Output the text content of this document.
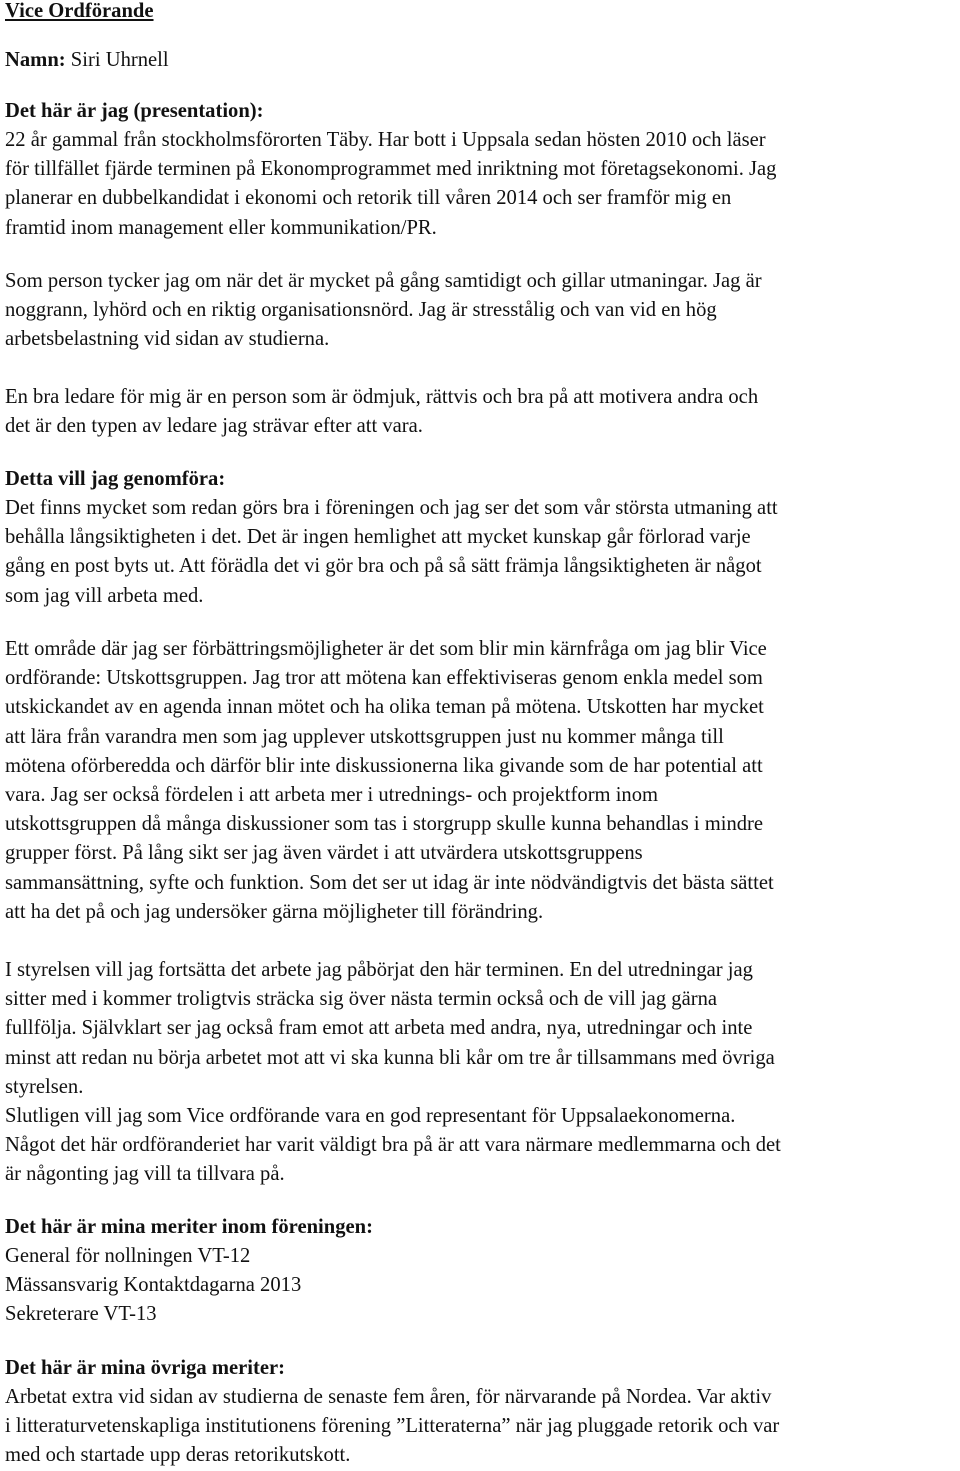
Vice Ordförande
Namn: Siri Uhrnell
Det här är jag (presentation):
22 år gammal från stockholmsförorten Täby. Har bott i Uppsala sedan hösten 2010 och läser
för tillfället fjärde terminen på Ekonomprogrammet med inriktning mot företagsekonomi. Jag
planerar en dubbelkandidat i ekonomi och retorik till våren 2014 och ser framför mig en
framtid inom management eller kommunikation/PR.
Som person tycker jag om när det är mycket på gång samtidigt och gillar utmaningar. Jag är
noggrann, lyhörd och en riktig organisationsnörd. Jag är stresstålig och van vid en hög
arbetsbelastning vid sidan av studierna.
En bra ledare för mig är en person som är ödmjuk, rättvis och bra på att motivera andra och
det är den typen av ledare jag strävar efter att vara.
Detta vill jag genomföra:
Det finns mycket som redan görs bra i föreningen och jag ser det som vår största utmaning att
behålla långsiktigheten i det. Det är ingen hemlighet att mycket kunskap går förlorad varje
gång en post byts ut. Att förädla det vi gör bra och på så sätt främja långsiktigheten är något
som jag vill arbeta med.
Ett område där jag ser förbättringsmöjligheter är det som blir min kärnfråga om jag blir Vice
ordförande: Utskottsgruppen. Jag tror att mötena kan effektiviseras genom enkla medel som
utskickandet av en agenda innan mötet och ha olika teman på mötena. Utskotten har mycket
att lära från varandra men som jag upplever utskottsgruppen just nu kommer många till
mötena oförberedda och därför blir inte diskussionerna lika givande som de har potential att
vara. Jag ser också fördelen i att arbeta mer i utrednings- och projektform inom
utskottsgruppen då många diskussioner som tas i storgrupp skulle kunna behandlas i mindre
grupper först. På lång sikt ser jag även värdet i att utvärdera utskottsgruppens
sammansättning, syfte och funktion. Som det ser ut idag är inte nödvändigtvis det bästa sättet
att ha det på och jag undersöker gärna möjligheter till förändring.
I styrelsen vill jag fortsätta det arbete jag påbörjat den här terminen. En del utredningar jag
sitter med i kommer troligtvis sträcka sig över nästa termin också och de vill jag gärna
fullfölja. Självklart ser jag också fram emot att arbeta med andra, nya, utredningar och inte
minst att redan nu börja arbetet mot att vi ska kunna bli kår om tre år tillsammans med övriga
styrelsen.
Slutligen vill jag som Vice ordförande vara en god representant för Uppsalaekonomerna.
Något det här ordföranderiet har varit väldigt bra på är att vara närmare medlemmarna och det
är någonting jag vill ta tillvara på.
Det här är mina meriter inom föreningen:
General för nollningen VT-12
Mässansvarig Kontaktdagarna 2013
Sekreterare VT-13
Det här är mina övriga meriter:
Arbetat extra vid sidan av studierna de senaste fem åren, för närvarande på Nordea. Var aktiv
i litteraturvetenskapliga institutionens förening ”Litteraterna” när jag pluggade retorik och var
med och startade upp deras retorikutskott.
